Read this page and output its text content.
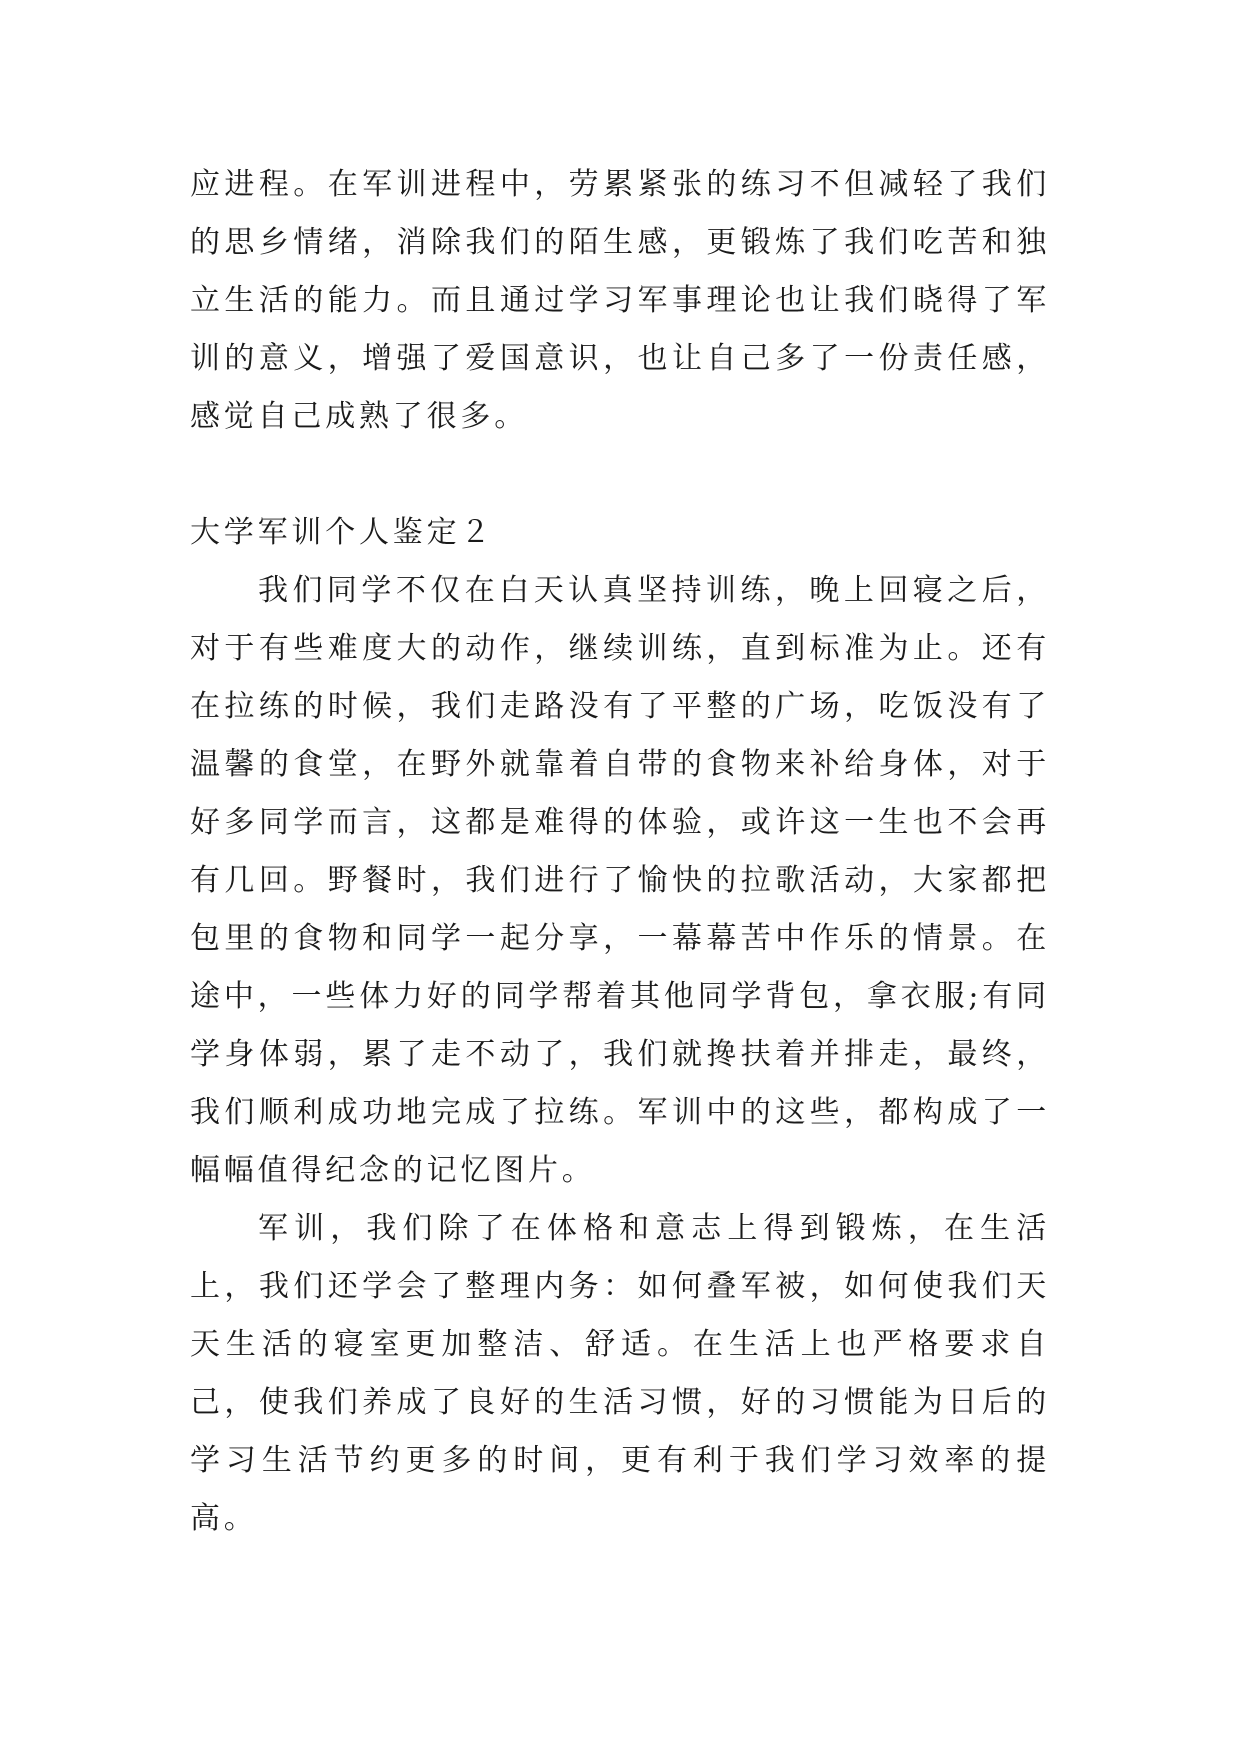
应进程。在军训进程中，劳累紧张的练习不但减轻了我们的思乡情绪，消除我们的陌生感，更锻炼了我们吃苦和独立生活的能力。而且通过学习军事理论也让我们晓得了军训的意义，增强了爱国意识，也让自己多了一份责任感，感觉自己成熟了很多。

大学军训个人鉴定２

我们同学不仅在白天认真坚持训练，晚上回寝之后，对于有些难度大的动作，继续训练，直到标准为止。还有在拉练的时候，我们走路没有了平整的广场，吃饭没有了温馨的食堂，在野外就靠着自带的食物来补给身体，对于好多同学而言，这都是难得的体验，或许这一生也不会再有几回。野餐时，我们进行了愉快的拉歌活动，大家都把包里的食物和同学一起分享，一幕幕苦中作乐的情景。在途中，一些体力好的同学帮着其他同学背包，拿衣服;有同学身体弱，累了走不动了，我们就搀扶着并排走，最终，我们顺利成功地完成了拉练。军训中的这些，都构成了一幅幅值得纪念的记忆图片。

军训，我们除了在体格和意志上得到锻炼，在生活上，我们还学会了整理内务：如何叠军被，如何使我们天天生活的寝室更加整洁、舒适。在生活上也严格要求自己，使我们养成了良好的生活习惯，好的习惯能为日后的学习生活节约更多的时间，更有利于我们学习效率的提高。
